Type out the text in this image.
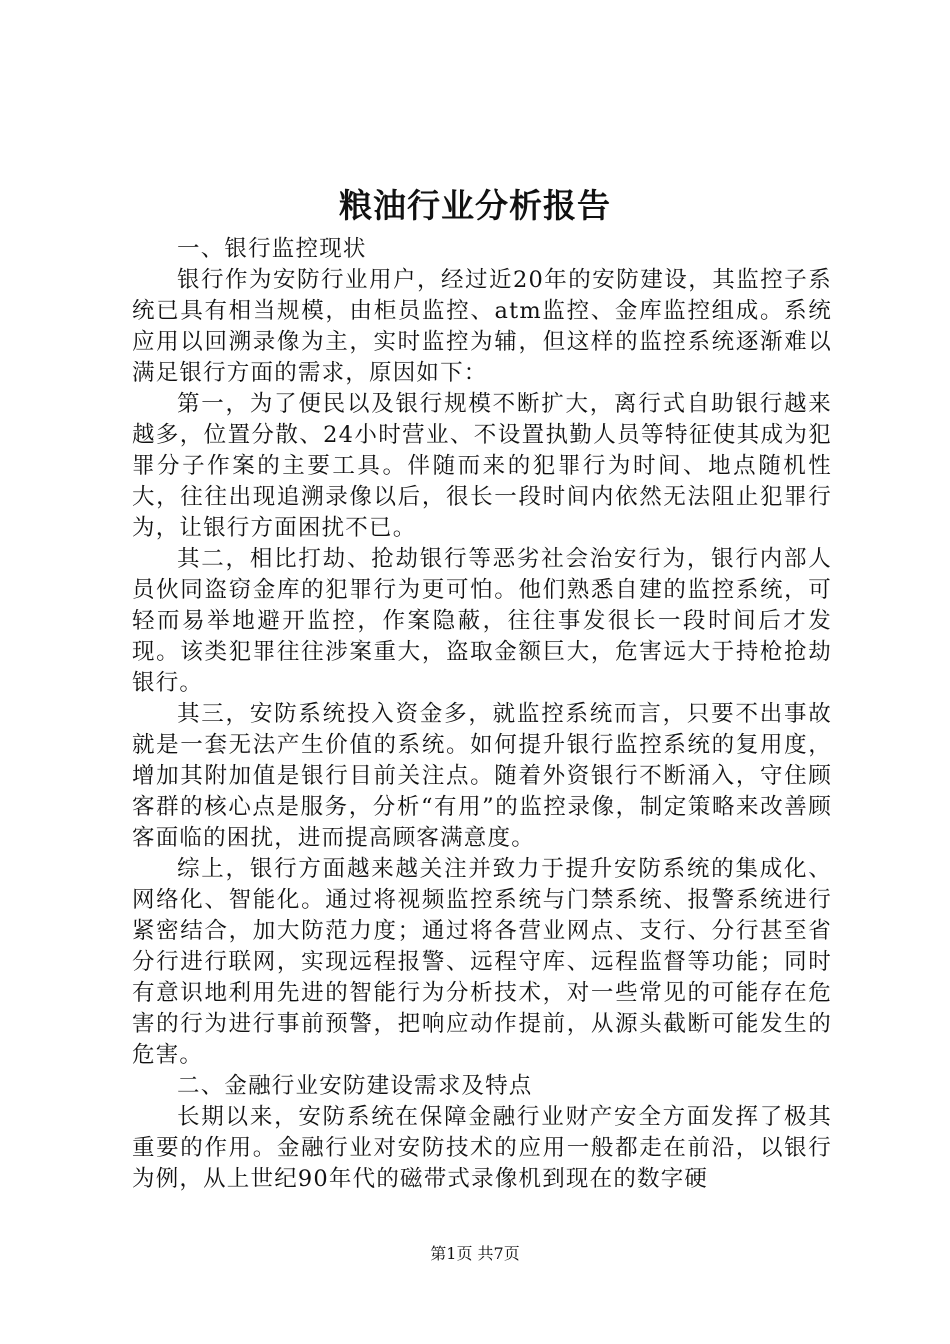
粮油行业分析报告

一、银行监控现状

银行作为安防行业用户，经过近20年的安防建设，其监控子系统已具有相当规模，由柜员监控、atm监控、金库监控组成。系统应用以回溯录像为主，实时监控为辅，但这样的监控系统逐渐难以满足银行方面的需求，原因如下：

第一，为了便民以及银行规模不断扩大，离行式自助银行越来越多，位置分散、24小时营业、不设置执勤人员等特征使其成为犯罪分子作案的主要工具。伴随而来的犯罪行为时间、地点随机性大，往往出现追溯录像以后，很长一段时间内依然无法阻止犯罪行为，让银行方面困扰不已。

其二，相比打劫、抢劫银行等恶劣社会治安行为，银行内部人员伙同盗窃金库的犯罪行为更可怕。他们熟悉自建的监控系统，可轻而易举地避开监控，作案隐蔽，往往事发很长一段时间后才发现。该类犯罪往往涉案重大，盗取金额巨大，危害远大于持枪抢劫银行。

其三，安防系统投入资金多，就监控系统而言，只要不出事故就是一套无法产生价值的系统。如何提升银行监控系统的复用度，增加其附加值是银行目前关注点。随着外资银行不断涌入，守住顾客群的核心点是服务，分析“有用”的监控录像，制定策略来改善顾客面临的困扰，进而提高顾客满意度。

综上，银行方面越来越关注并致力于提升安防系统的集成化、网络化、智能化。通过将视频监控系统与门禁系统、报警系统进行紧密结合，加大防范力度；通过将各营业网点、支行、分行甚至省分行进行联网，实现远程报警、远程守库、远程监督等功能；同时有意识地利用先进的智能行为分析技术，对一些常见的可能存在危害的行为进行事前预警，把响应动作提前，从源头截断可能发生的危害。

二、金融行业安防建设需求及特点

长期以来，安防系统在保障金融行业财产安全方面发挥了极其重要的作用。金融行业对安防技术的应用一般都走在前沿，以银行为例，从上世纪90年代的磁带式录像机到现在的数字硬

第1页 共7页
